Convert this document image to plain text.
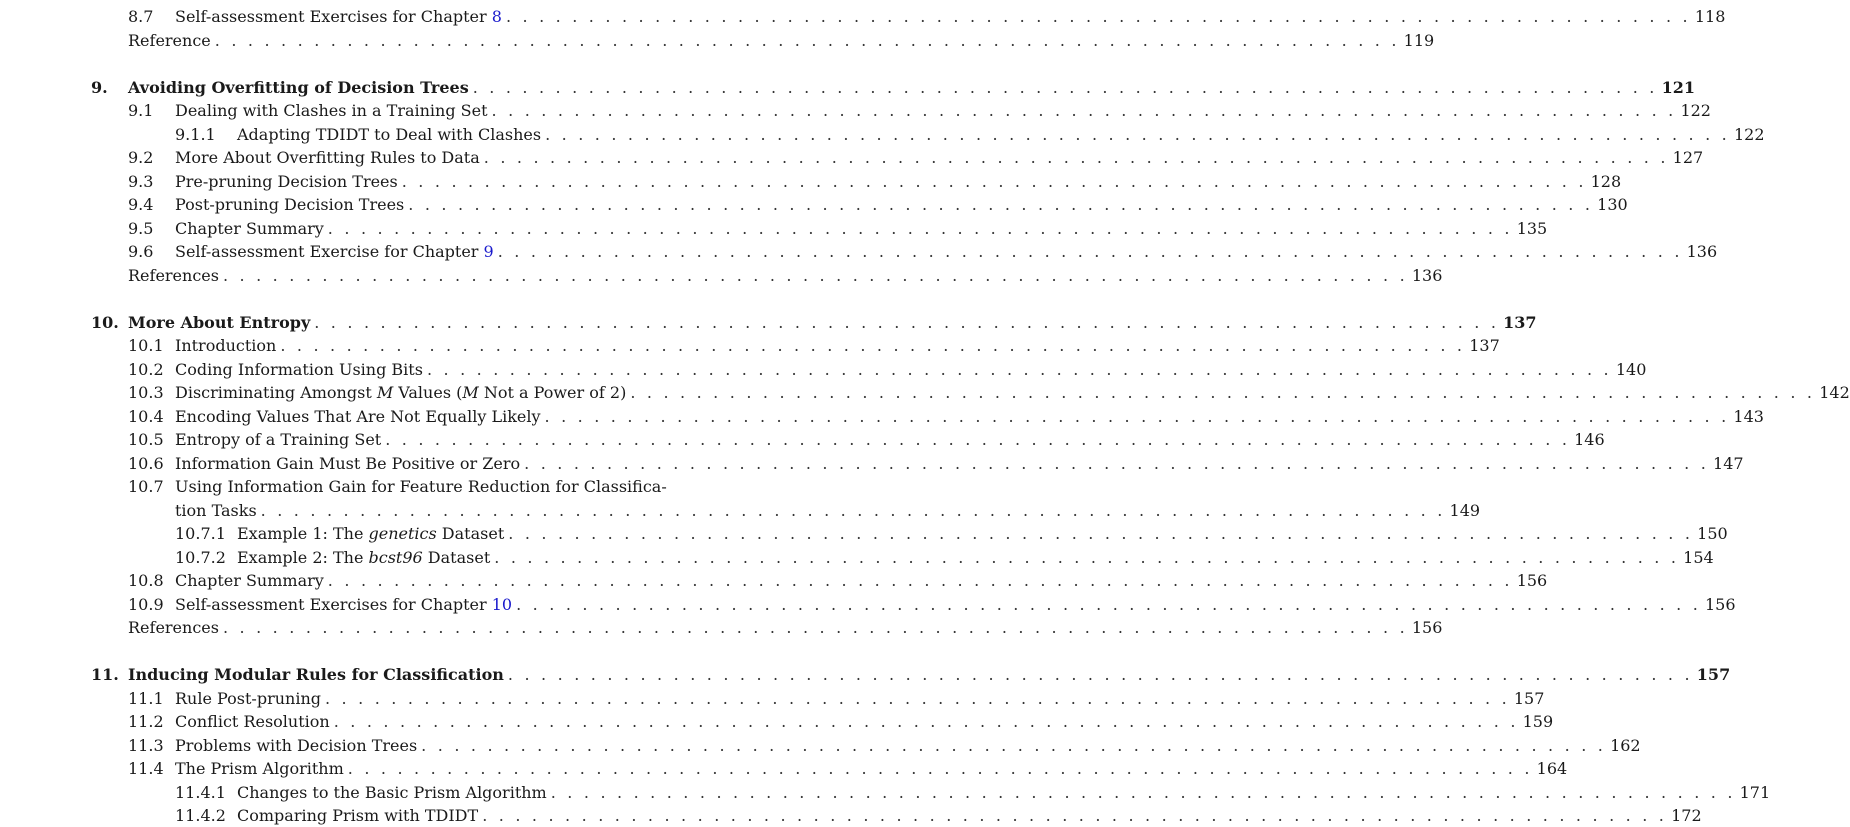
8.7 Self-assessment Exercises for Chapter 8 . . . . . . . . . . . . . . . . . . . . . . . . . . . . . . . . . . . . . . . . . . . . . . . . . . . . . . . . . . . . . . . . . . . . . . . . 118
Reference . . . . . . . . . . . . . . . . . . . . . . . . . . . . . . . . . . . . . . . . . . . . . . . . . . . . . . . . . . . . . . . . . . . . . . . . 119
9. Avoiding Overfitting of Decision Trees . . . . . . . . . . . . . . . . . . . . . . . . . . . . . . . . . . . . . . . . . . . . . . . . . . . . . . . . . . . . . . . . . . . . . . . . 121
9.1 Dealing with Clashes in a Training Set . . . . . . . . . . . . . . . . . . . . . . . . . . . . . . . . . . . . . . . . . . . . . . . . . . . . . . . . . . . . . . . . . . . . . . . . 122
9.1.1 Adapting TDIDT to Deal with Clashes . . . . . . . . . . . . . . . . . . . . . . . . . . . . . . . . . . . . . . . . . . . . . . . . . . . . . . . . . . . . . . . . . . . . . . . . 122
9.2 More About Overfitting Rules to Data . . . . . . . . . . . . . . . . . . . . . . . . . . . . . . . . . . . . . . . . . . . . . . . . . . . . . . . . . . . . . . . . . . . . . . . . 127
9.3 Pre-pruning Decision Trees . . . . . . . . . . . . . . . . . . . . . . . . . . . . . . . . . . . . . . . . . . . . . . . . . . . . . . . . . . . . . . . . . . . . . . . . 128
9.4 Post-pruning Decision Trees . . . . . . . . . . . . . . . . . . . . . . . . . . . . . . . . . . . . . . . . . . . . . . . . . . . . . . . . . . . . . . . . . . . . . . . . 130
9.5 Chapter Summary . . . . . . . . . . . . . . . . . . . . . . . . . . . . . . . . . . . . . . . . . . . . . . . . . . . . . . . . . . . . . . . . . . . . . . . . 135
9.6 Self-assessment Exercise for Chapter 9 . . . . . . . . . . . . . . . . . . . . . . . . . . . . . . . . . . . . . . . . . . . . . . . . . . . . . . . . . . . . . . . . . . . . . . . . 136
References . . . . . . . . . . . . . . . . . . . . . . . . . . . . . . . . . . . . . . . . . . . . . . . . . . . . . . . . . . . . . . . . . . . . . . . . 136
10. More About Entropy . . . . . . . . . . . . . . . . . . . . . . . . . . . . . . . . . . . . . . . . . . . . . . . . . . . . . . . . . . . . . . . . . . . . . . . . 137
10.1 Introduction . . . . . . . . . . . . . . . . . . . . . . . . . . . . . . . . . . . . . . . . . . . . . . . . . . . . . . . . . . . . . . . . . . . . . . . . 137
10.2 Coding Information Using Bits . . . . . . . . . . . . . . . . . . . . . . . . . . . . . . . . . . . . . . . . . . . . . . . . . . . . . . . . . . . . . . . . . . . . . . . . 140
10.3 Discriminating Amongst M Values (M Not a Power of 2) . . . . . . . . . . . . . . . . . . . . . . . . . . . . . . . . . . . . . . . . . . . . . . . . . . . . . . . . . . . . . . . . . . . . . . . . 142
10.4 Encoding Values That Are Not Equally Likely . . . . . . . . . . . . . . . . . . . . . . . . . . . . . . . . . . . . . . . . . . . . . . . . . . . . . . . . . . . . . . . . . . . . . . . . 143
10.5 Entropy of a Training Set . . . . . . . . . . . . . . . . . . . . . . . . . . . . . . . . . . . . . . . . . . . . . . . . . . . . . . . . . . . . . . . . . . . . . . . . 146
10.6 Information Gain Must Be Positive or Zero . . . . . . . . . . . . . . . . . . . . . . . . . . . . . . . . . . . . . . . . . . . . . . . . . . . . . . . . . . . . . . . . . . . . . . . . 147
10.7 Using Information Gain for Feature Reduction for Classifica-
tion Tasks . . . . . . . . . . . . . . . . . . . . . . . . . . . . . . . . . . . . . . . . . . . . . . . . . . . . . . . . . . . . . . . . . . . . . . . . 149
10.7.1 Example 1: The genetics Dataset . . . . . . . . . . . . . . . . . . . . . . . . . . . . . . . . . . . . . . . . . . . . . . . . . . . . . . . . . . . . . . . . . . . . . . . . 150
10.7.2 Example 2: The bcst96 Dataset . . . . . . . . . . . . . . . . . . . . . . . . . . . . . . . . . . . . . . . . . . . . . . . . . . . . . . . . . . . . . . . . . . . . . . . . 154
10.8 Chapter Summary . . . . . . . . . . . . . . . . . . . . . . . . . . . . . . . . . . . . . . . . . . . . . . . . . . . . . . . . . . . . . . . . . . . . . . . . 156
10.9 Self-assessment Exercises for Chapter 10 . . . . . . . . . . . . . . . . . . . . . . . . . . . . . . . . . . . . . . . . . . . . . . . . . . . . . . . . . . . . . . . . . . . . . . . . 156
References . . . . . . . . . . . . . . . . . . . . . . . . . . . . . . . . . . . . . . . . . . . . . . . . . . . . . . . . . . . . . . . . . . . . . . . . 156
11. Inducing Modular Rules for Classification . . . . . . . . . . . . . . . . . . . . . . . . . . . . . . . . . . . . . . . . . . . . . . . . . . . . . . . . . . . . . . . . . . . . . . . . 157
11.1 Rule Post-pruning . . . . . . . . . . . . . . . . . . . . . . . . . . . . . . . . . . . . . . . . . . . . . . . . . . . . . . . . . . . . . . . . . . . . . . . . 157
11.2 Conflict Resolution . . . . . . . . . . . . . . . . . . . . . . . . . . . . . . . . . . . . . . . . . . . . . . . . . . . . . . . . . . . . . . . . . . . . . . . . 159
11.3 Problems with Decision Trees . . . . . . . . . . . . . . . . . . . . . . . . . . . . . . . . . . . . . . . . . . . . . . . . . . . . . . . . . . . . . . . . . . . . . . . . 162
11.4 The Prism Algorithm . . . . . . . . . . . . . . . . . . . . . . . . . . . . . . . . . . . . . . . . . . . . . . . . . . . . . . . . . . . . . . . . . . . . . . . . 164
11.4.1 Changes to the Basic Prism Algorithm . . . . . . . . . . . . . . . . . . . . . . . . . . . . . . . . . . . . . . . . . . . . . . . . . . . . . . . . . . . . . . . . . . . . . . . . 171
11.4.2 Comparing Prism with TDIDT . . . . . . . . . . . . . . . . . . . . . . . . . . . . . . . . . . . . . . . . . . . . . . . . . . . . . . . . . . . . . . . . . . . . . . . . 172
